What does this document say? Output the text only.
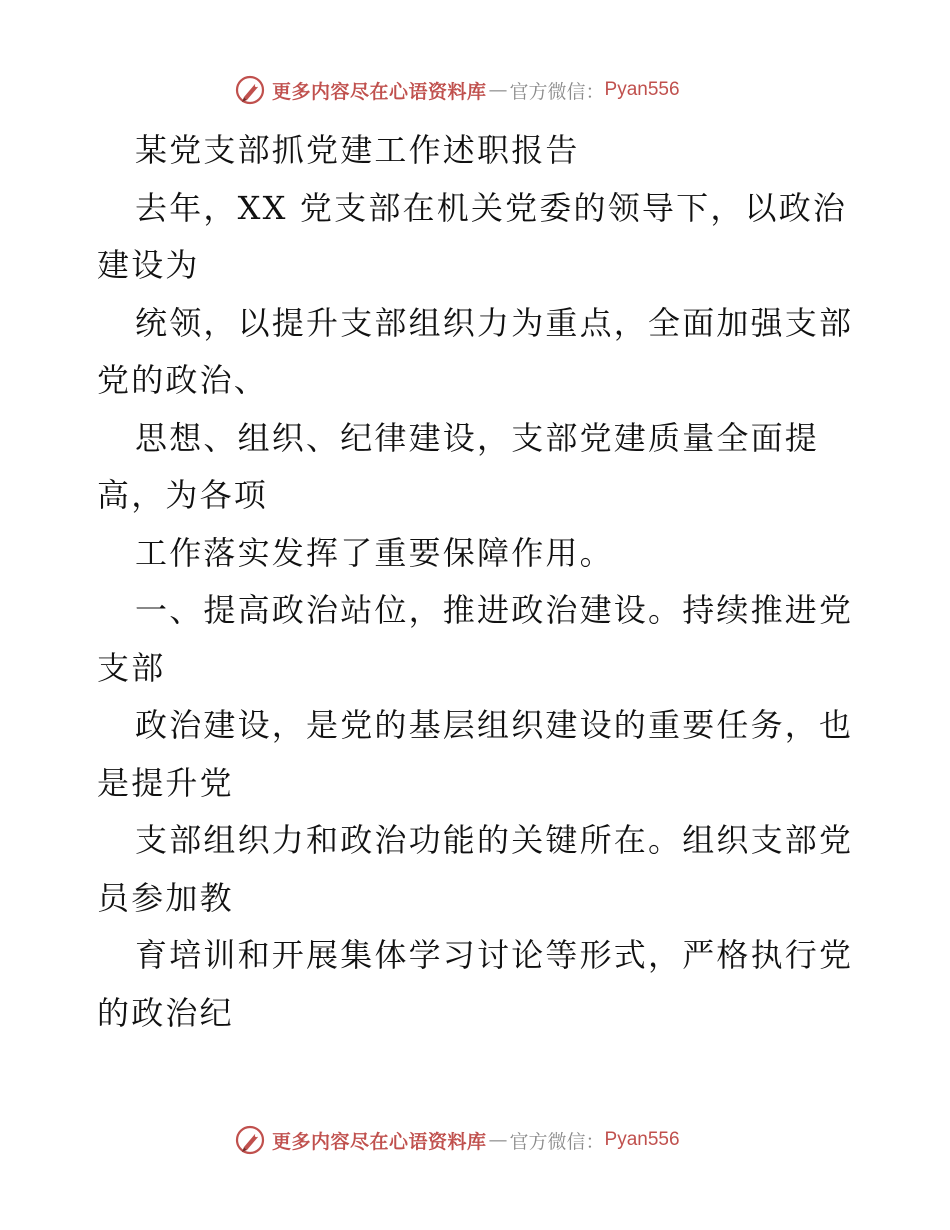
更多内容尽在心语资料库 — 官方微信： Pyan556
某党支部抓党建工作述职报告
去年，XX 党支部在机关党委的领导下，以政治
建设为
统领，以提升支部组织力为重点，全面加强支部
党的政治、
思想、组织、纪律建设，支部党建质量全面提
高，为各项
工作落实发挥了重要保障作用。
一、提高政治站位，推进政治建设。持续推进党
支部
政治建设，是党的基层组织建设的重要任务，也
是提升党
支部组织力和政治功能的关键所在。组织支部党
员参加教
育培训和开展集体学习讨论等形式，严格执行党
的政治纪
更多内容尽在心语资料库 — 官方微信： Pyan556
